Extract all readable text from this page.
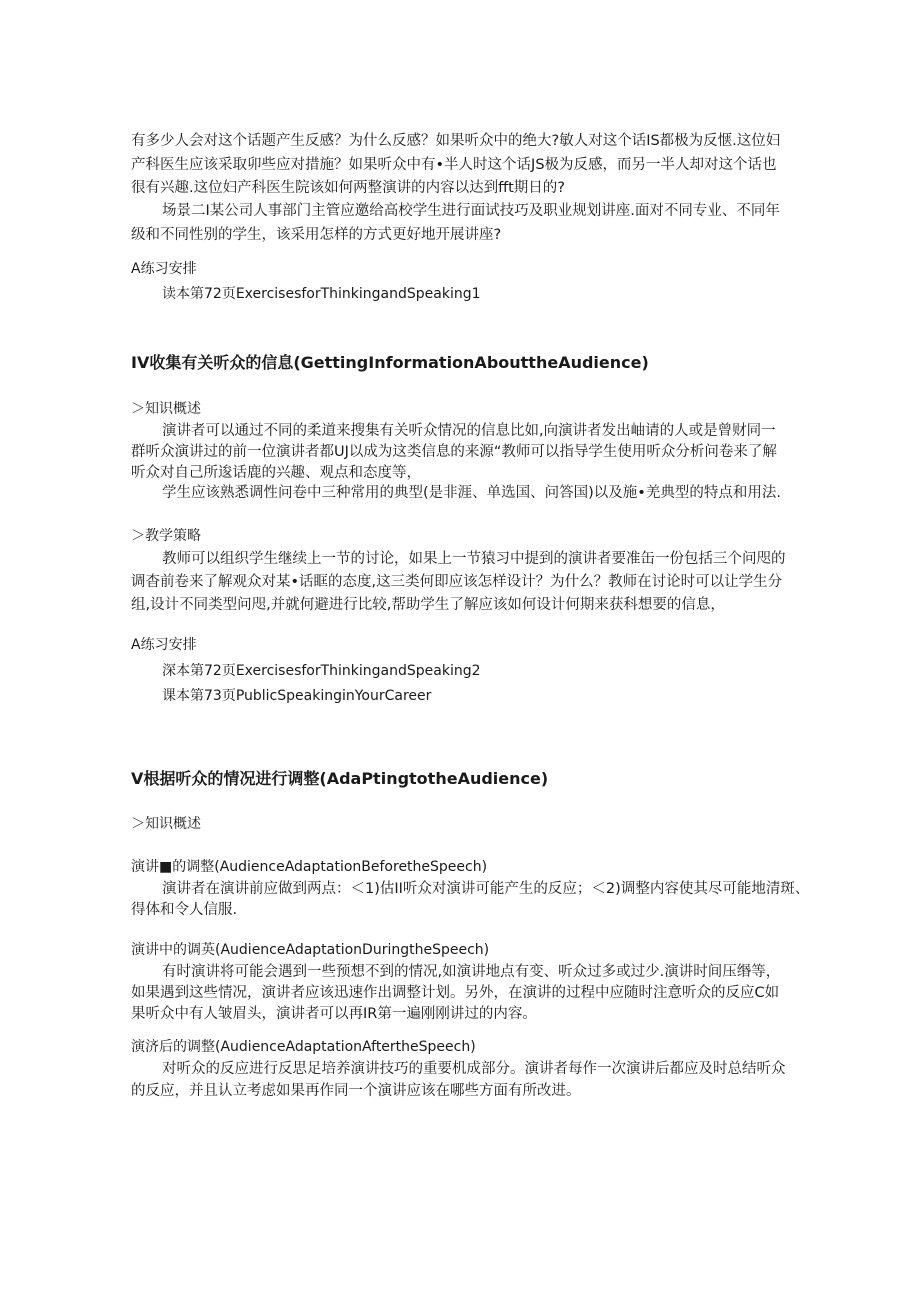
有多少人会对这个话题产生反感？为什么反感？如果听众中的绝大?敏人对这个话IS都极为反惬.这位妇
产科医生应该采取卯些应对措施？如果听众中有•半人时这个话JS极为反感，而另一半人却对这个话也
很有兴趣.这位妇产科医生院该如何两整演讲的内容以达到fft期日的?
场景二I某公司人事部门主管应邀给高校学生进行面试技巧及职业规划讲座.面对不同专业、不同年
级和不同性别的学生，该采用怎样的方式更好地开展讲座?
A练习安排
读本第72页ExercisesforThinkingandSpeaking1
IV收集有关听众的信息(GettingInformationAbouttheAudience)
＞知识概述
演讲者可以通过不同的柔道来搜集有关听众情况的信息比如,向演讲者发出岫请的人或是曾财同一
群听众演讲过的前一位演讲者都UJ以成为这类信息的来源“教师可以指导学生使用听众分析问卷来了解
听众对自己所逡话鹿的兴趣、观点和态度等，
学生应该熟悉调性问卷中三种常用的典型(是非涯、单选国、问答国)以及施•羌典型的特点和用法.
＞教学策略
教师可以组织学生继续上一节的讨论，如果上一节猿习中提到的演讲者要准缶一份包括三个问咫的
调杳前卷来了解观众对某•话眶的态度,这三类何即应该怎样设计？为什么？教师在讨论时可以让学生分
组,设计不同类型问咫,并就何避进行比较,帮助学生了解应该如何设计何期来获科想要的信息，
A练习安排
深本第72页ExercisesforThinkingandSpeaking2
课本第73页PublicSpeakinginYourCareer
V根据听众的情况进行调整(AdaPtingtotheAudience)
＞知识概述
演讲■的调整(AudienceAdaptationBeforetheSpeech)
演讲者在演讲前应做到两点：＜1)估II听众对演讲可能产生的反应；＜2)调整内容使其尽可能地清斑、
得体和令人信服.
演讲中的调英(AudienceAdaptationDuringtheSpeech)
有时演讲将可能会遇到一些预想不到的情况,如演讲地点有变、听众过多或过少.演讲时间压缗等，
如果遇到这些情况，演讲者应该迅速作出调整计划。另外，在演讲的过程中应随时注意听众的反应C如
果听众中有人皱眉头，演讲者可以再IR第一遍刚刚讲过的内容。
演济后的调整(AudienceAdaptationAftertheSpeech)
对听众的反应进行反思足培养演讲技巧的重要机成部分。演讲者每作一次演讲后都应及时总结听众
的反应，并且认立考虑如果再作同一个演讲应该在哪些方面有所改进。
